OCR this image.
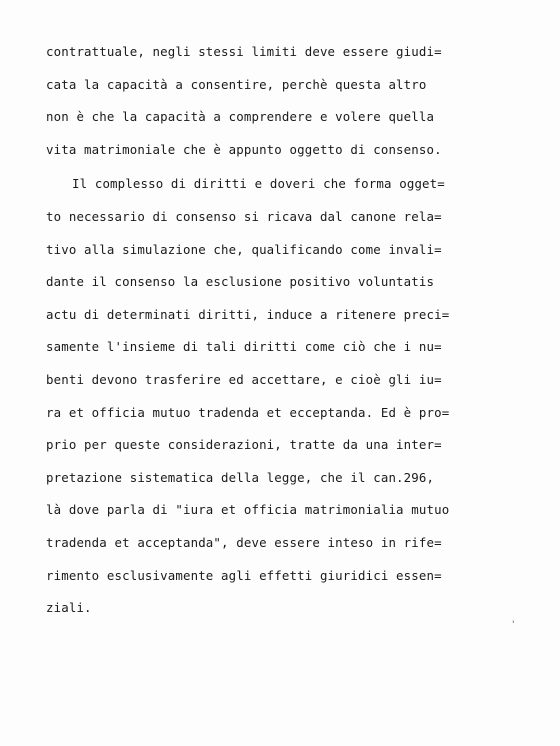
contrattuale, negli stessi limiti deve essere giudi=
cata la capacità a consentire, perchè questa altro
non è che la capacità a comprendere e volere quella
vita matrimoniale che è appunto oggetto di consenso.
Il complesso di diritti e doveri che forma ogget=
to necessario di consenso si ricava dal canone rela=
tivo alla simulazione che, qualificando come invali=
dante il consenso la esclusione positivo voluntatis
actu di determinati diritti, induce a ritenere preci=
samente l'insieme di tali diritti come ciò che i nu=
benti devono trasferire ed accettare, e cioè gli iu=
ra et officia mutuo tradenda et ecceptanda. Ed è pro=
prio per queste considerazioni, tratte da una inter=
pretazione sistematica della legge, che il can.296,
là dove parla di "iura et officia matrimonialia mutuo
tradenda et acceptanda", deve essere inteso in rife=
rimento esclusivamente agli effetti giuridici essen=
ziali.
'
